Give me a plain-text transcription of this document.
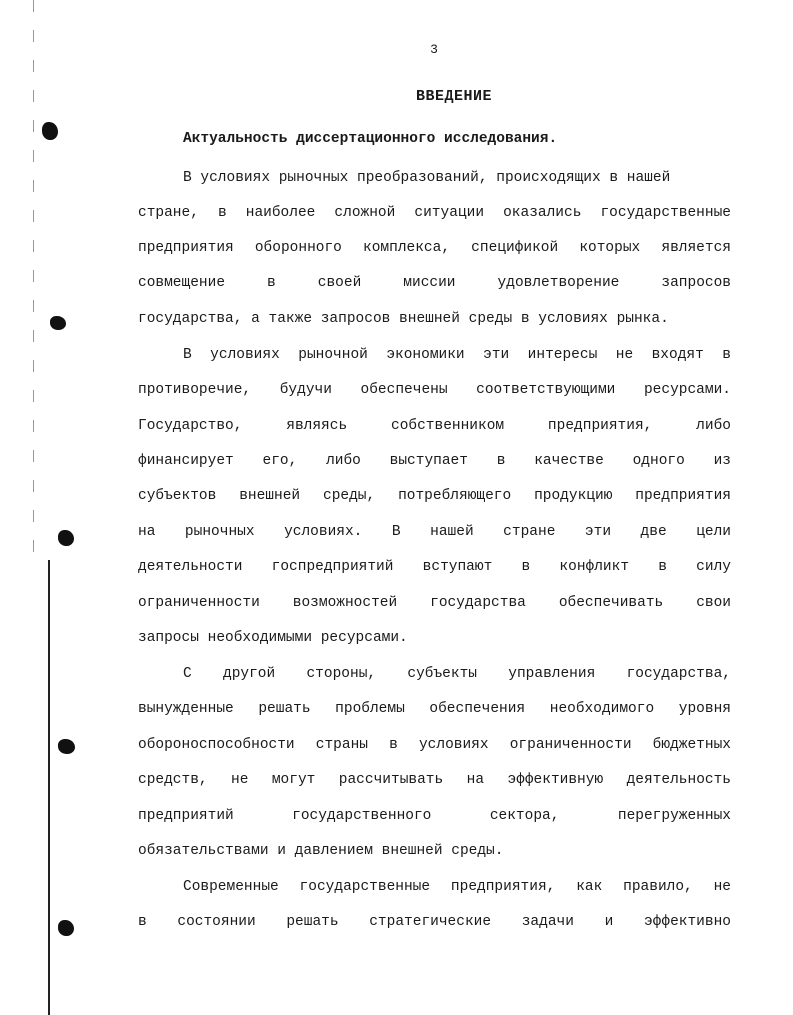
3
ВВЕДЕНИЕ
Актуальность диссертационного исследования.
В условиях рыночных преобразований, происходящих в нашей
стране, в наиболее сложной ситуации оказались государственные
предприятия оборонного комплекса, спецификой которых является
совмещение в своей миссии удовлетворение запросов
государства, а также запросов внешней среды в условиях рынка.
В условиях рыночной экономики эти интересы не входят в
противоречие, будучи обеспечены соответствующими ресурсами.
Государство, являясь собственником предприятия, либо
финансирует его, либо выступает в качестве одного из
субъектов внешней среды, потребляющего продукцию предприятия
на рыночных условиях. В нашей стране эти две цели
деятельности госпредприятий вступают в конфликт в силу
ограниченности возможностей государства обеспечивать свои
запросы необходимыми ресурсами.
С другой стороны, субъекты управления государства,
вынужденные решать проблемы обеспечения необходимого уровня
обороноспособности страны в условиях ограниченности бюджетных
средств, не могут рассчитывать на эффективную деятельность
предприятий государственного сектора, перегруженных
обязательствами и давлением внешней среды.
Современные государственные предприятия, как правило, не
в состоянии решать стратегические задачи и эффективно
